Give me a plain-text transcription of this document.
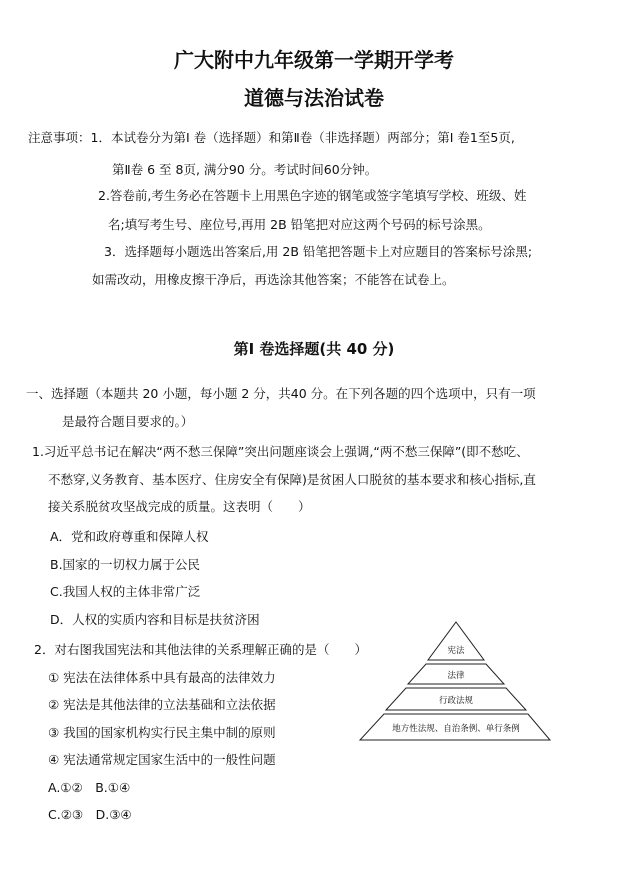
广大附中九年级第一学期开学考
道德与法治试卷
注意事项：1．本试卷分为第Ⅰ 卷（选择题）和第Ⅱ卷（非选择题）两部分；第Ⅰ 卷1至5页,
第Ⅱ卷 6 至 8页, 满分90 分。考试时间60分钟。
2.答卷前,考生务必在答题卡上用黑色字迹的钢笔或签字笔填写学校、班级、姓
名;填写考生号、座位号,再用 2B 铅笔把对应这两个号码的标号涂黑。
3．选择题每小题选出答案后,用 2B 铅笔把答题卡上对应题目的答案标号涂黑;
如需改动，用橡皮擦干净后，再选涂其他答案；不能答在试卷上。
第Ⅰ 卷选择题(共 40 分)
一、选择题（本题共 20 小题，每小题 2 分，共40 分。在下列各题的四个选项中，只有一项
是最符合题目要求的。）
1.习近平总书记在解决“两不愁三保障”突出问题座谈会上强调,“两不愁三保障”(即不愁吃、
不愁穿,义务教育、基本医疗、住房安全有保障)是贫困人口脱贫的基本要求和核心指标,直
接关系脱贫攻坚战完成的质量。这表明（　　）
A．党和政府尊重和保障人权
B.国家的一切权力属于公民
C.我国人权的主体非常广泛
D．人权的实质内容和目标是扶贫济困
2．对右图我国宪法和其他法律的关系理解正确的是（　　）
① 宪法在法律体系中具有最高的法律效力
② 宪法是其他法律的立法基础和立法依据
③ 我国的国家机构实行民主集中制的原则
④ 宪法通常规定国家生活中的一般性问题
A.①②　B.①④
C.②③　D.③④
宪法
法律
行政法规
地方性法规、自治条例、单行条例
